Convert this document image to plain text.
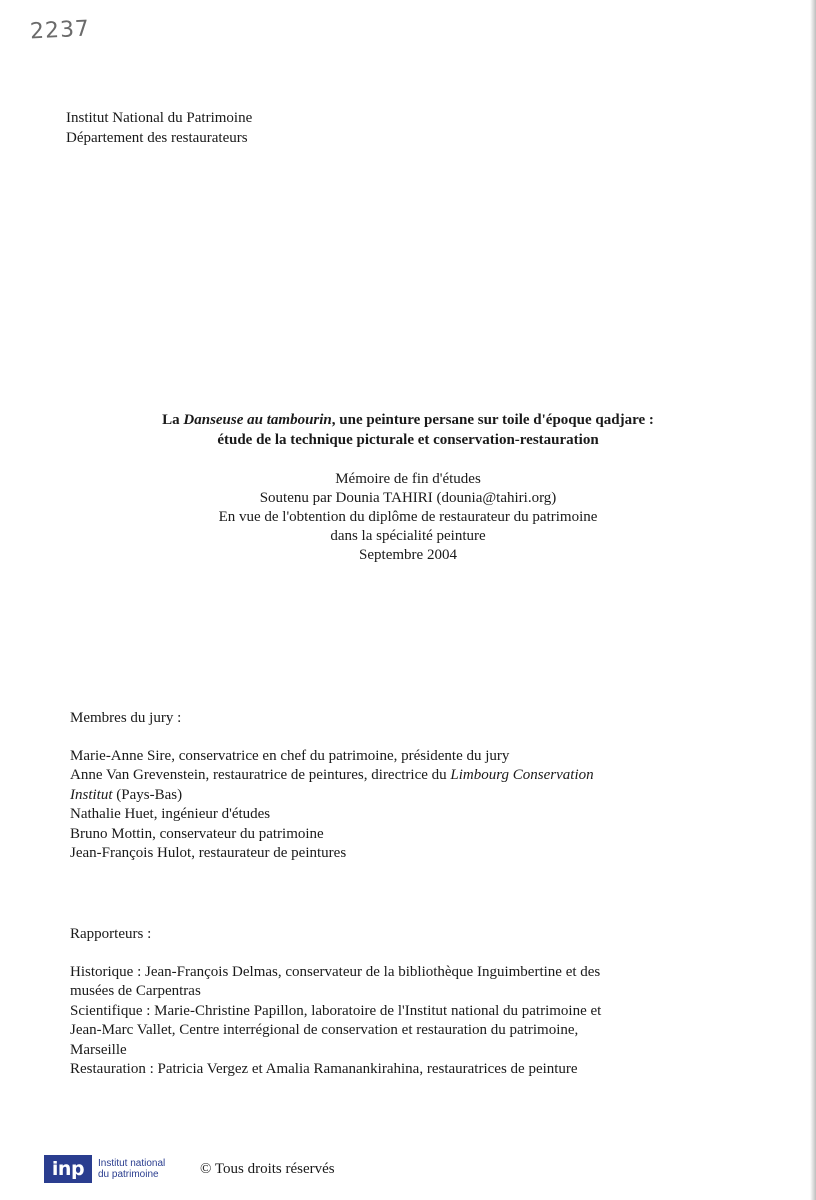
2237
Institut National du Patrimoine
Département des restaurateurs
La Danseuse au tambourin, une peinture persane sur toile d'époque qadjare :
étude de la technique picturale et conservation-restauration
Mémoire de fin d'études
Soutenu par Dounia TAHIRI (dounia@tahiri.org)
En vue de l'obtention du diplôme de restaurateur du patrimoine
dans la spécialité peinture
Septembre 2004
Membres du jury :
Marie-Anne Sire, conservatrice en chef du patrimoine, présidente du jury
Anne Van Grevenstein, restauratrice de peintures, directrice du Limbourg Conservation
Institut (Pays-Bas)
Nathalie Huet, ingénieur d'études
Bruno Mottin, conservateur du patrimoine
Jean-François Hulot, restaurateur de peintures
Rapporteurs :
Historique : Jean-François Delmas, conservateur de la bibliothèque Inguimbertine et des
musées de Carpentras
Scientifique : Marie-Christine Papillon, laboratoire de l'Institut national du patrimoine et
Jean-Marc Vallet, Centre interrégional de conservation et restauration du patrimoine,
Marseille
Restauration : Patricia Vergez et Amalia Ramanankirahina, restauratrices de peinture
inp	Institut national
du patrimoine	© Tous droits réservés
